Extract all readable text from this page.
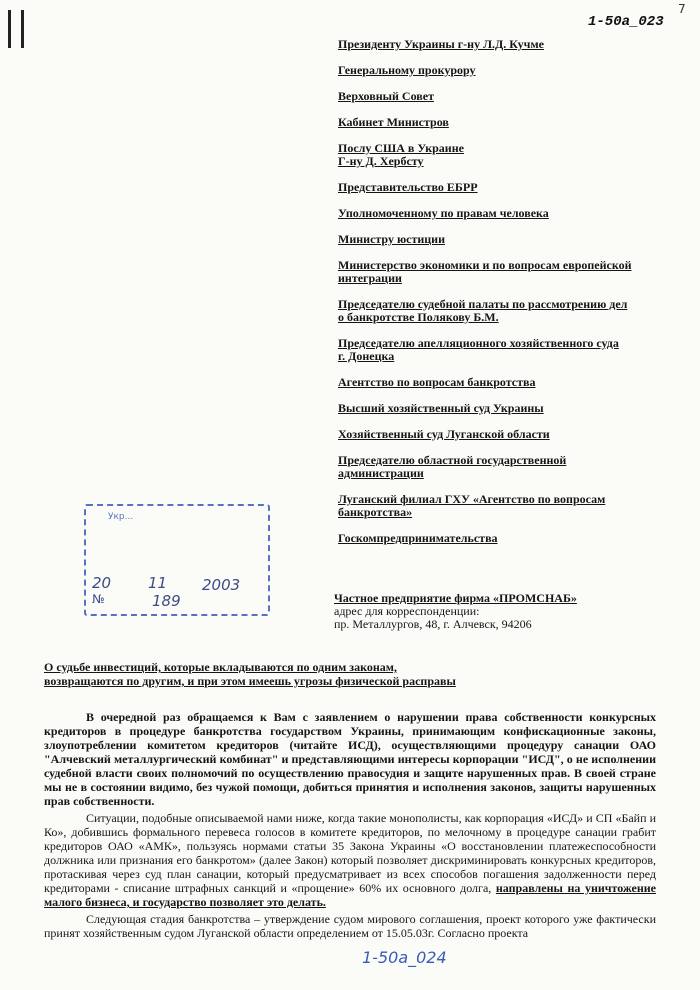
7
1-50а_023

Президенту Украины г-ну Л.Д. Кучме

Генеральному прокурору

Верховный Совет

Кабинет Министров

Послу США в Украине

Г-ну Д. Хербсту

Представительство ЕБРР

Уполномоченному по правам человека

Министру юстиции

Министерство экономики и по вопросам европейской

интеграции

Председателю судебной палаты по рассмотрению дел

о банкротстве Полякову Б.М.

Председателю апелляционного хозяйственного суда

г. Донецка

Агентство по вопросам банкротства

Высший хозяйственный суд Украины

Хозяйственный суд Луганской области

Председателю областной государственной

администрации

Луганский филиал ГХУ «Агентство по вопросам

банкротства»

Госкомпредпринимательства

Укр...
20 11 2003
№	189	Частное предприятие фирма «ПРОМСНАБ»
адрес для корреспонденции:
пр. Металлургов, 48, г. Алчевск, 94206
О судьбе инвестиций, которые вкладываются по одним законам,
возвращаются по другим, и при этом имеешь угрозы физической расправы

В очередной раз обращаемся к Вам с заявлением о нарушении права собственности конкурсных кредиторов в процедуре банкротства государством Украины, принимающим конфискационные законы, злоупотреблении комитетом кредиторов (читайте ИСД), осуществляющими процедуру санации ОАО "Алчевский металлургический комбинат" и представляющими интересы корпорации "ИСД", о не исполнении судебной власти своих полномочий по осуществлению правосудия и защите нарушенных прав. В своей стране мы не в состоянии видимо, без чужой помощи, добиться принятия и исполнения законов, защиты нарушенных прав собственности.

Ситуации, подобные описываемой нами ниже, когда такие монополисты, как корпорация «ИСД» и СП «Байп и Ко», добившись формального перевеса голосов в комитете кредиторов, по мелочному в процедуре санации грабит кредиторов ОАО «АМК», пользуясь нормами статьи 35 Закона Украины «О восстановлении платежеспособности должника или признания его банкротом» (далее Закон) который позволяет дискриминировать конкурсных кредиторов, протаскивая через суд план санации, который предусматривает из всех способов погашения задолженности перед кредиторами - списание штрафных санкций и «прощение» 60% их основного долга, направлены на уничтожение малого бизнеса, и государство позволяет это делать.

Следующая стадия банкротства – утверждение судом мирового соглашения, проект которого уже фактически принят хозяйственным судом Луганской области определением от 15.05.03г. Согласно проекта

1-50а_024
